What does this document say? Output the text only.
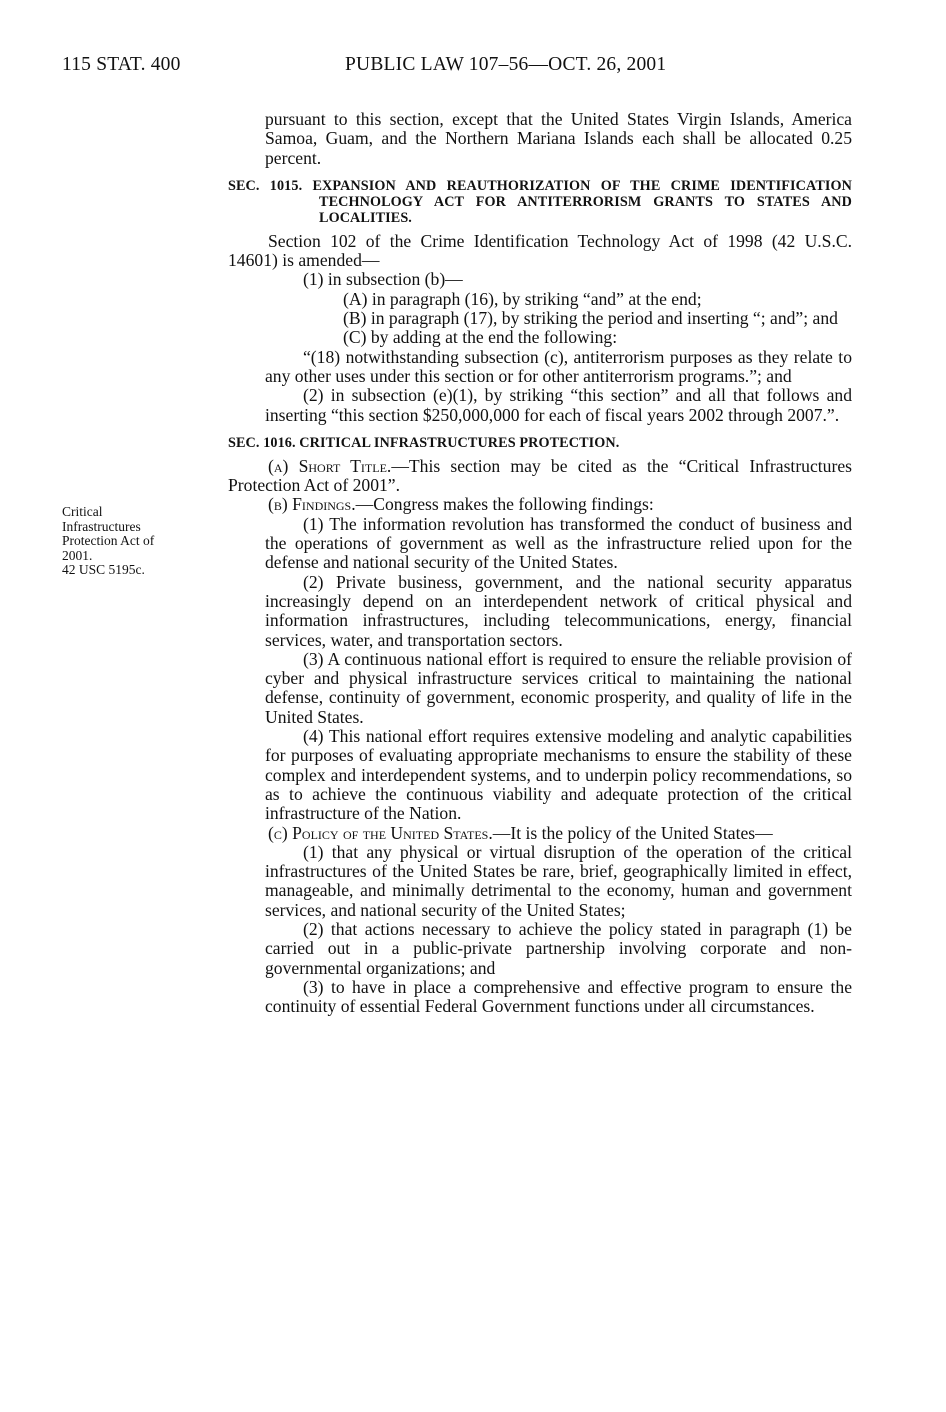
115 STAT. 400	PUBLIC LAW 107–56—OCT. 26, 2001
Critical
Infrastructures
Protection Act of
2001.
42 USC 5195c.

pursuant to this section, except that the United States Virgin Islands, America Samoa, Guam, and the Northern Mariana Islands each shall be allocated 0.25 percent.

SEC. 1015. EXPANSION AND REAUTHORIZATION OF THE CRIME IDENTIFICATION TECHNOLOGY ACT FOR ANTITERRORISM GRANTS TO STATES AND LOCALITIES.

Section 102 of the Crime Identification Technology Act of 1998 (42 U.S.C. 14601) is amended—

(1) in subsection (b)—

(A) in paragraph (16), by striking “and” at the end;

(B) in paragraph (17), by striking the period and inserting “; and”; and

(C) by adding at the end the following:

“(18) notwithstanding subsection (c), antiterrorism purposes as they relate to any other uses under this section or for other antiterrorism programs.”; and

(2) in subsection (e)(1), by striking “this section” and all that follows and inserting “this section $250,000,000 for each of fiscal years 2002 through 2007.”.

SEC. 1016. CRITICAL INFRASTRUCTURES PROTECTION.

(a) Short Title.—This section may be cited as the “Critical Infrastructures Protection Act of 2001”.

(b) Findings.—Congress makes the following findings:

(1) The information revolution has transformed the conduct of business and the operations of government as well as the infrastructure relied upon for the defense and national security of the United States.

(2) Private business, government, and the national security apparatus increasingly depend on an interdependent network of critical physical and information infrastructures, including telecommunications, energy, financial services, water, and transportation sectors.

(3) A continuous national effort is required to ensure the reliable provision of cyber and physical infrastructure services critical to maintaining the national defense, continuity of government, economic prosperity, and quality of life in the United States.

(4) This national effort requires extensive modeling and analytic capabilities for purposes of evaluating appropriate mechanisms to ensure the stability of these complex and interdependent systems, and to underpin policy recommendations, so as to achieve the continuous viability and adequate protection of the critical infrastructure of the Nation.

(c) Policy of the United States.—It is the policy of the United States—

(1) that any physical or virtual disruption of the operation of the critical infrastructures of the United States be rare, brief, geographically limited in effect, manageable, and minimally detrimental to the economy, human and government services, and national security of the United States;

(2) that actions necessary to achieve the policy stated in paragraph (1) be carried out in a public-private partnership involving corporate and non-governmental organizations; and

(3) to have in place a comprehensive and effective program to ensure the continuity of essential Federal Government functions under all circumstances.
